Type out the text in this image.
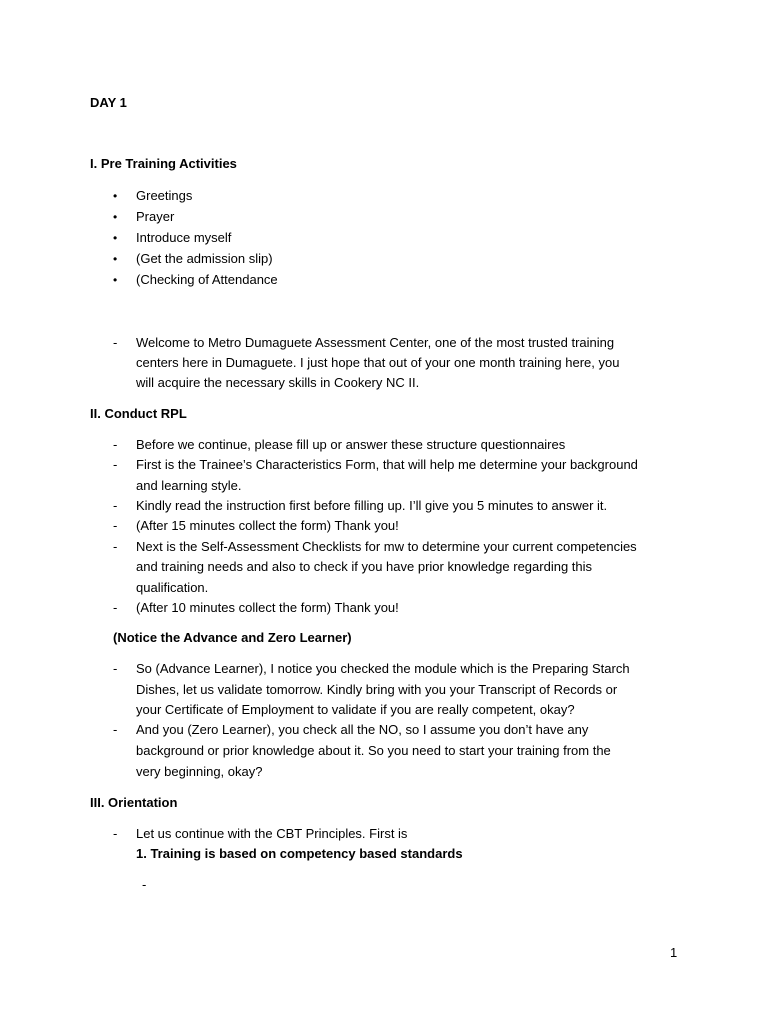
DAY 1
I. Pre Training Activities
• Greetings
• Prayer
• Introduce myself
• (Get the admission slip)
• (Checking of Attendance
- Welcome to Metro Dumaguete Assessment Center, one of the most trusted training
centers here in Dumaguete. I just hope that out of your one month training here, you
will acquire the necessary skills in Cookery NC II.
II. Conduct RPL
- Before we continue, please fill up or answer these structure questionnaires
- First is the Trainee’s Characteristics Form, that will help me determine your background
and learning style.
- Kindly read the instruction first before filling up. I’ll give you 5 minutes to answer it.
- (After 15 minutes collect the form) Thank you!
- Next is the Self-Assessment Checklists for mw to determine your current competencies
and training needs and also to check if you have prior knowledge regarding this
qualification.
- (After 10 minutes collect the form) Thank you!
(Notice the Advance and Zero Learner)
- So (Advance Learner), I notice you checked the module which is the Preparing Starch
Dishes, let us validate tomorrow. Kindly bring with you your Transcript of Records or
your Certificate of Employment to validate if you are really competent, okay?
- And you (Zero Learner), you check all the NO, so I assume you don’t have any
background or prior knowledge about it. So you need to start your training from the
very beginning, okay?
III. Orientation
- Let us continue with the CBT Principles. First is
1. Training is based on competency based standards
-
1
